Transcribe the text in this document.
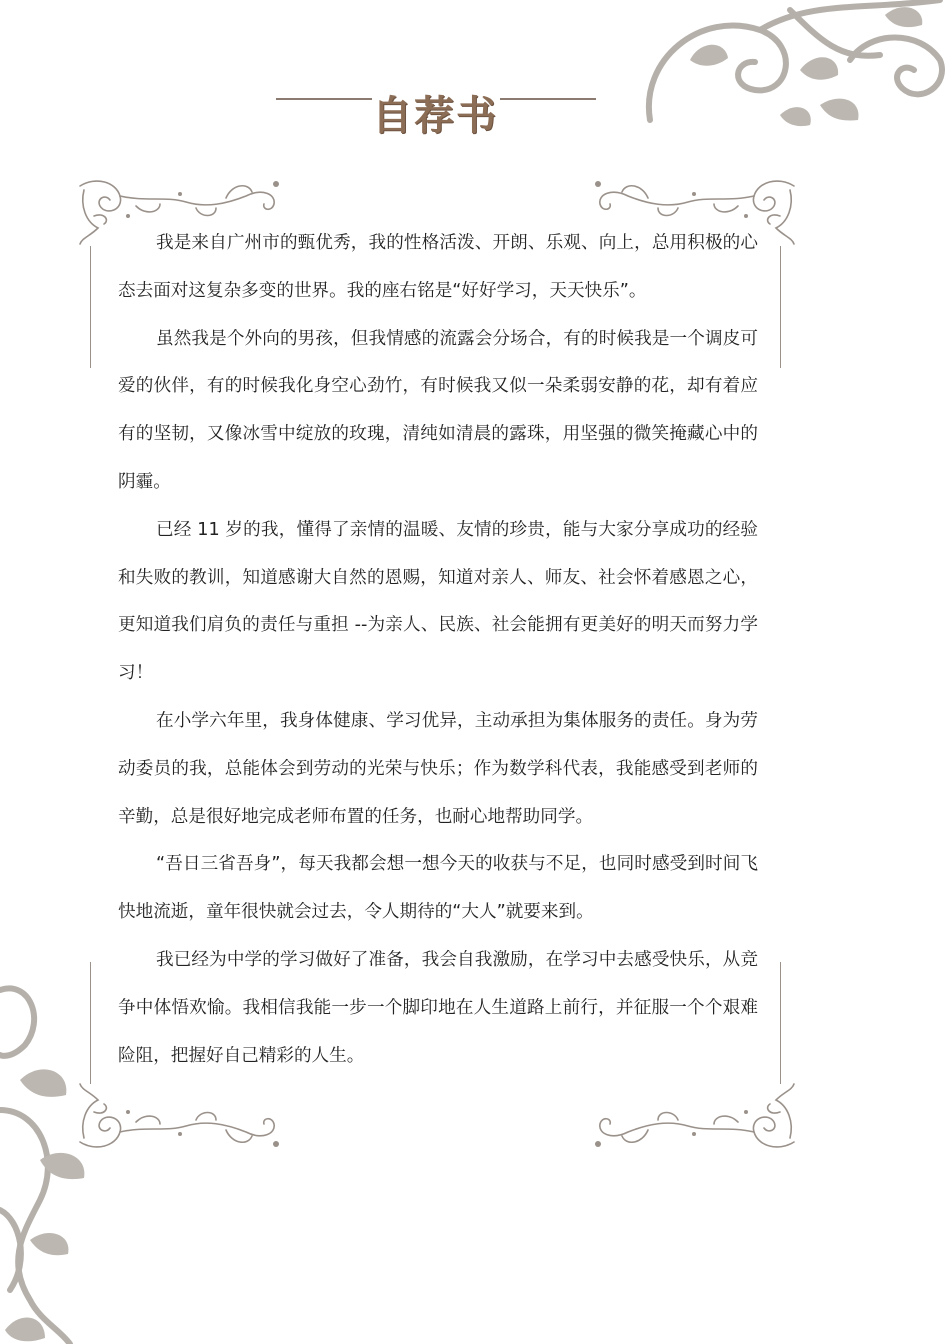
自荐书

我是来自广州市的甄优秀，我的性格活泼、开朗、乐观、向上，总用积极的心态去面对这复杂多变的世界。我的座右铭是“好好学习，天天快乐”。

虽然我是个外向的男孩，但我情感的流露会分场合，有的时候我是一个调皮可爱的伙伴，有的时候我化身空心劲竹，有时候我又似一朵柔弱安静的花，却有着应有的坚韧，又像冰雪中绽放的玫瑰，清纯如清晨的露珠，用坚强的微笑掩藏心中的阴霾。

已经 11 岁的我，懂得了亲情的温暖、友情的珍贵，能与大家分享成功的经验和失败的教训，知道感谢大自然的恩赐，知道对亲人、师友、社会怀着感恩之心，更知道我们肩负的责任与重担 --为亲人、民族、社会能拥有更美好的明天而努力学习！

在小学六年里，我身体健康、学习优异，主动承担为集体服务的责任。身为劳动委员的我，总能体会到劳动的光荣与快乐；作为数学科代表，我能感受到老师的辛勤，总是很好地完成老师布置的任务，也耐心地帮助同学。

“吾日三省吾身”，每天我都会想一想今天的收获与不足，也同时感受到时间飞快地流逝，童年很快就会过去，令人期待的“大人”就要来到。

我已经为中学的学习做好了准备，我会自我激励，在学习中去感受快乐，从竞争中体悟欢愉。我相信我能一步一个脚印地在人生道路上前行，并征服一个个艰难险阻，把握好自己精彩的人生。
